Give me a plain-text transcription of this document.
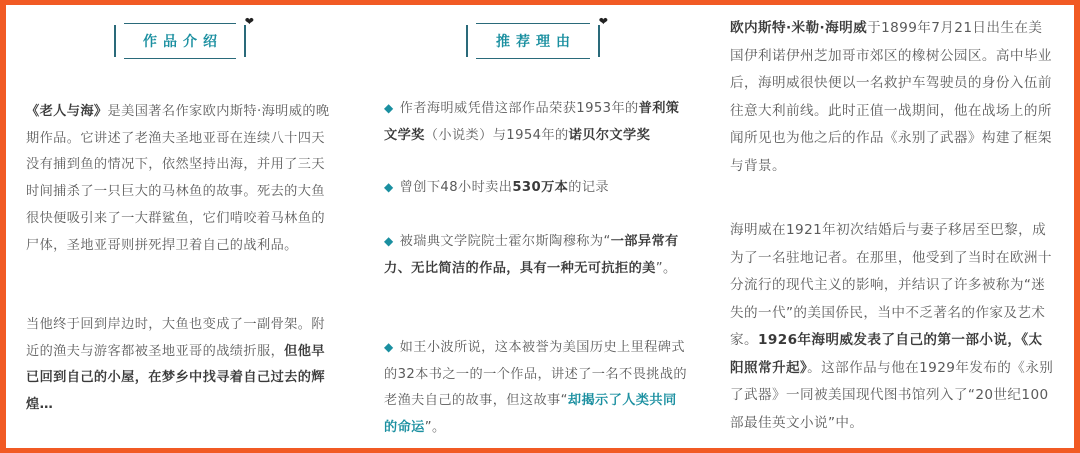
作品介绍
❤

《老人与海》是美国著名作家欧内斯特·海明威的晚期作品。它讲述了老渔夫圣地亚哥在连续八十四天没有捕到鱼的情况下，依然坚持出海，并用了三天时间捕杀了一只巨大的马林鱼的故事。死去的大鱼很快便吸引来了一大群鲨鱼，它们啃咬着马林鱼的尸体，圣地亚哥则拼死捍卫着自己的战利品。

当他终于回到岸边时，大鱼也变成了一副骨架。附近的渔夫与游客都被圣地亚哥的战绩折服，但他早已回到自己的小屋，在梦乡中找寻着自己过去的辉煌…

推荐理由
❤

◆ 作者海明威凭借这部作品荣获1953年的普利策文学奖（小说类）与1954年的诺贝尔文学奖

◆ 曾创下48小时卖出530万本的记录

◆ 被瑞典文学院院士霍尔斯陶穆称为“一部异常有力、无比简洁的作品，具有一种无可抗拒的美”。

◆ 如王小波所说，这本被誉为美国历史上里程碑式的32本书之一的一个作品，讲述了一名不畏挑战的老渔夫自己的故事，但这故事“却揭示了人类共同的命运”。

欧内斯特·米勒·海明威于1899年7月21日出生在美国伊利诺伊州芝加哥市郊区的橡树公园区。高中毕业后，海明威很快便以一名救护车驾驶员的身份入伍前往意大利前线。此时正值一战期间，他在战场上的所闻所见也为他之后的作品《永别了武器》构建了框架与背景。

海明威在1921年初次结婚后与妻子移居至巴黎，成为了一名驻地记者。在那里，他受到了当时在欧洲十分流行的现代主义的影响，并结识了许多被称为“迷失的一代”的美国侨民，当中不乏著名的作家及艺术家。1926年海明威发表了自己的第一部小说，《太阳照常升起》。这部作品与他在1929年发布的《永别了武器》一同被美国现代图书馆列入了“20世纪100部最佳英文小说”中。
